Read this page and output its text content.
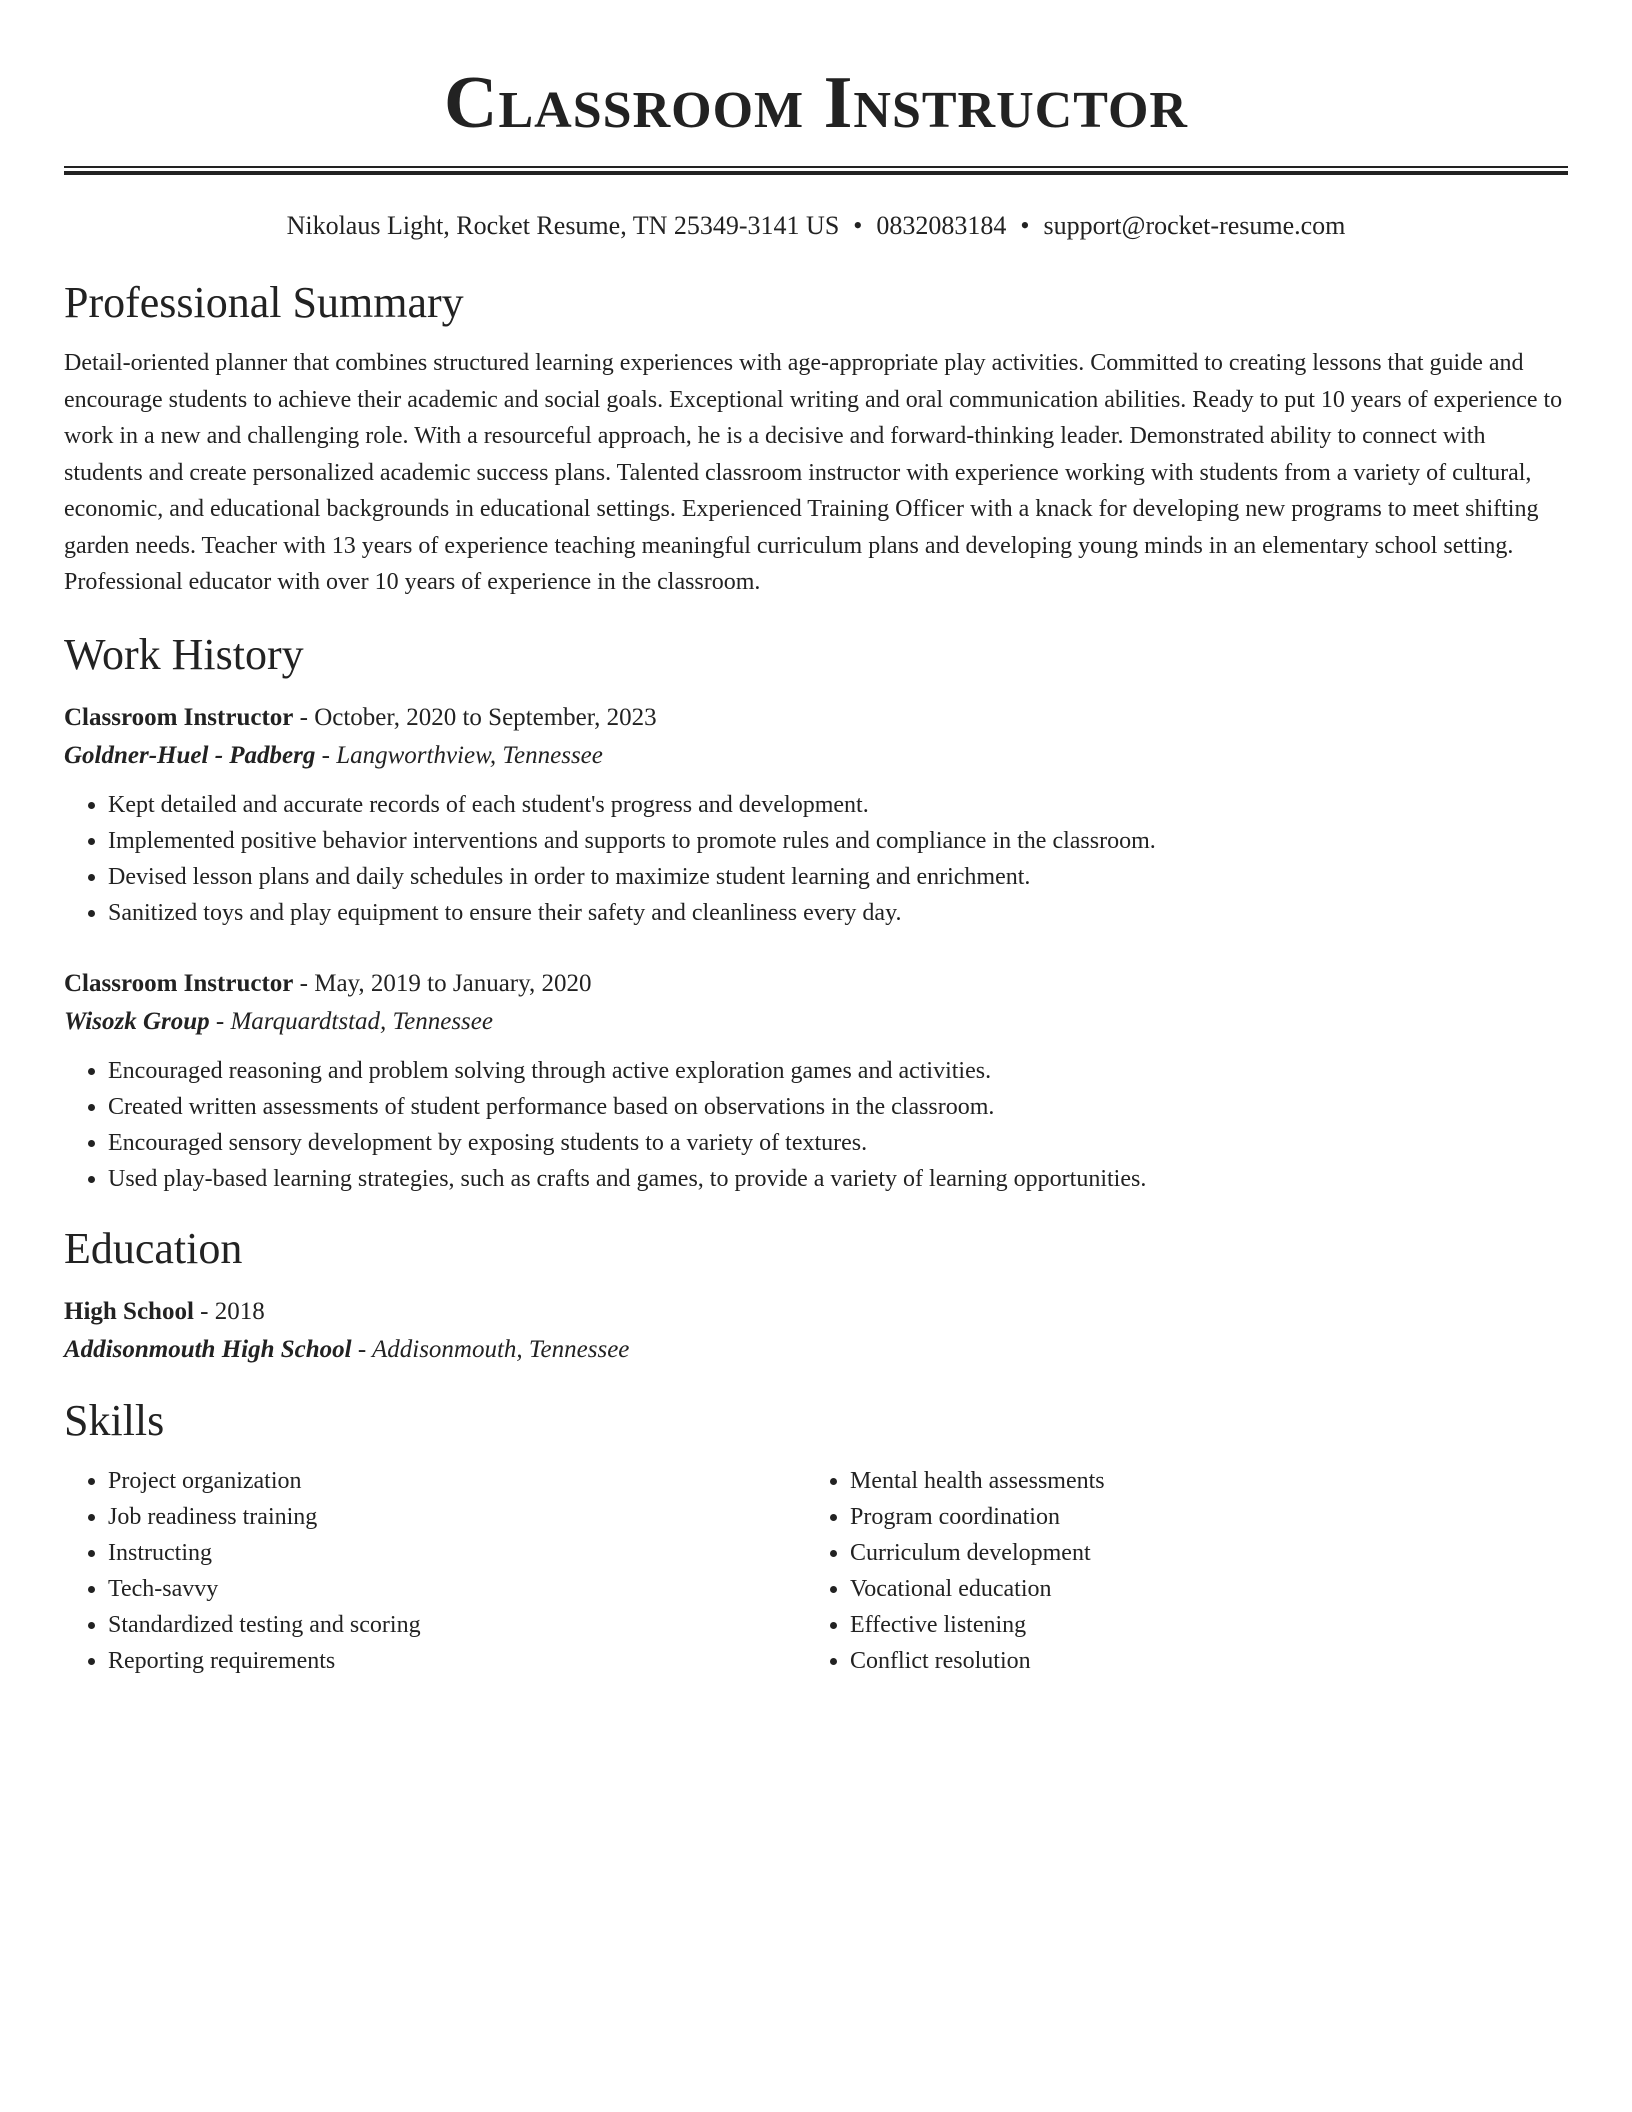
Classroom Instructor
Nikolaus Light, Rocket Resume, TN 25349-3141 US • 0832083184 • support@rocket-resume.com
Professional Summary

Detail-oriented planner that combines structured learning experiences with age-appropriate play activities. Committed to creating lessons that guide and encourage students to achieve their academic and social goals. Exceptional writing and oral communication abilities. Ready to put 10 years of experience to work in a new and challenging role. With a resourceful approach, he is a decisive and forward-thinking leader. Demonstrated ability to connect with students and create personalized academic success plans. Talented classroom instructor with experience working with students from a variety of cultural, economic, and educational backgrounds in educational settings. Experienced Training Officer with a knack for developing new programs to meet shifting garden needs. Teacher with 13 years of experience teaching meaningful curriculum plans and developing young minds in an elementary school setting. Professional educator with over 10 years of experience in the classroom.

Work History
Classroom Instructor - October, 2020 to September, 2023
Goldner-Huel - Padberg - Langworthview, Tennessee
• Kept detailed and accurate records of each student's progress and development.
• Implemented positive behavior interventions and supports to promote rules and compliance in the classroom.
• Devised lesson plans and daily schedules in order to maximize student learning and enrichment.
• Sanitized toys and play equipment to ensure their safety and cleanliness every day.
Classroom Instructor - May, 2019 to January, 2020
Wisozk Group - Marquardtstad, Tennessee
• Encouraged reasoning and problem solving through active exploration games and activities.
• Created written assessments of student performance based on observations in the classroom.
• Encouraged sensory development by exposing students to a variety of textures.
• Used play-based learning strategies, such as crafts and games, to provide a variety of learning opportunities.
Education
High School - 2018
Addisonmouth High School - Addisonmouth, Tennessee
Skills
• Project organization
• Job readiness training
• Instructing
• Tech-savvy
• Standardized testing and scoring
• Reporting requirements
• Mental health assessments
• Program coordination
• Curriculum development
• Vocational education
• Effective listening
• Conflict resolution
